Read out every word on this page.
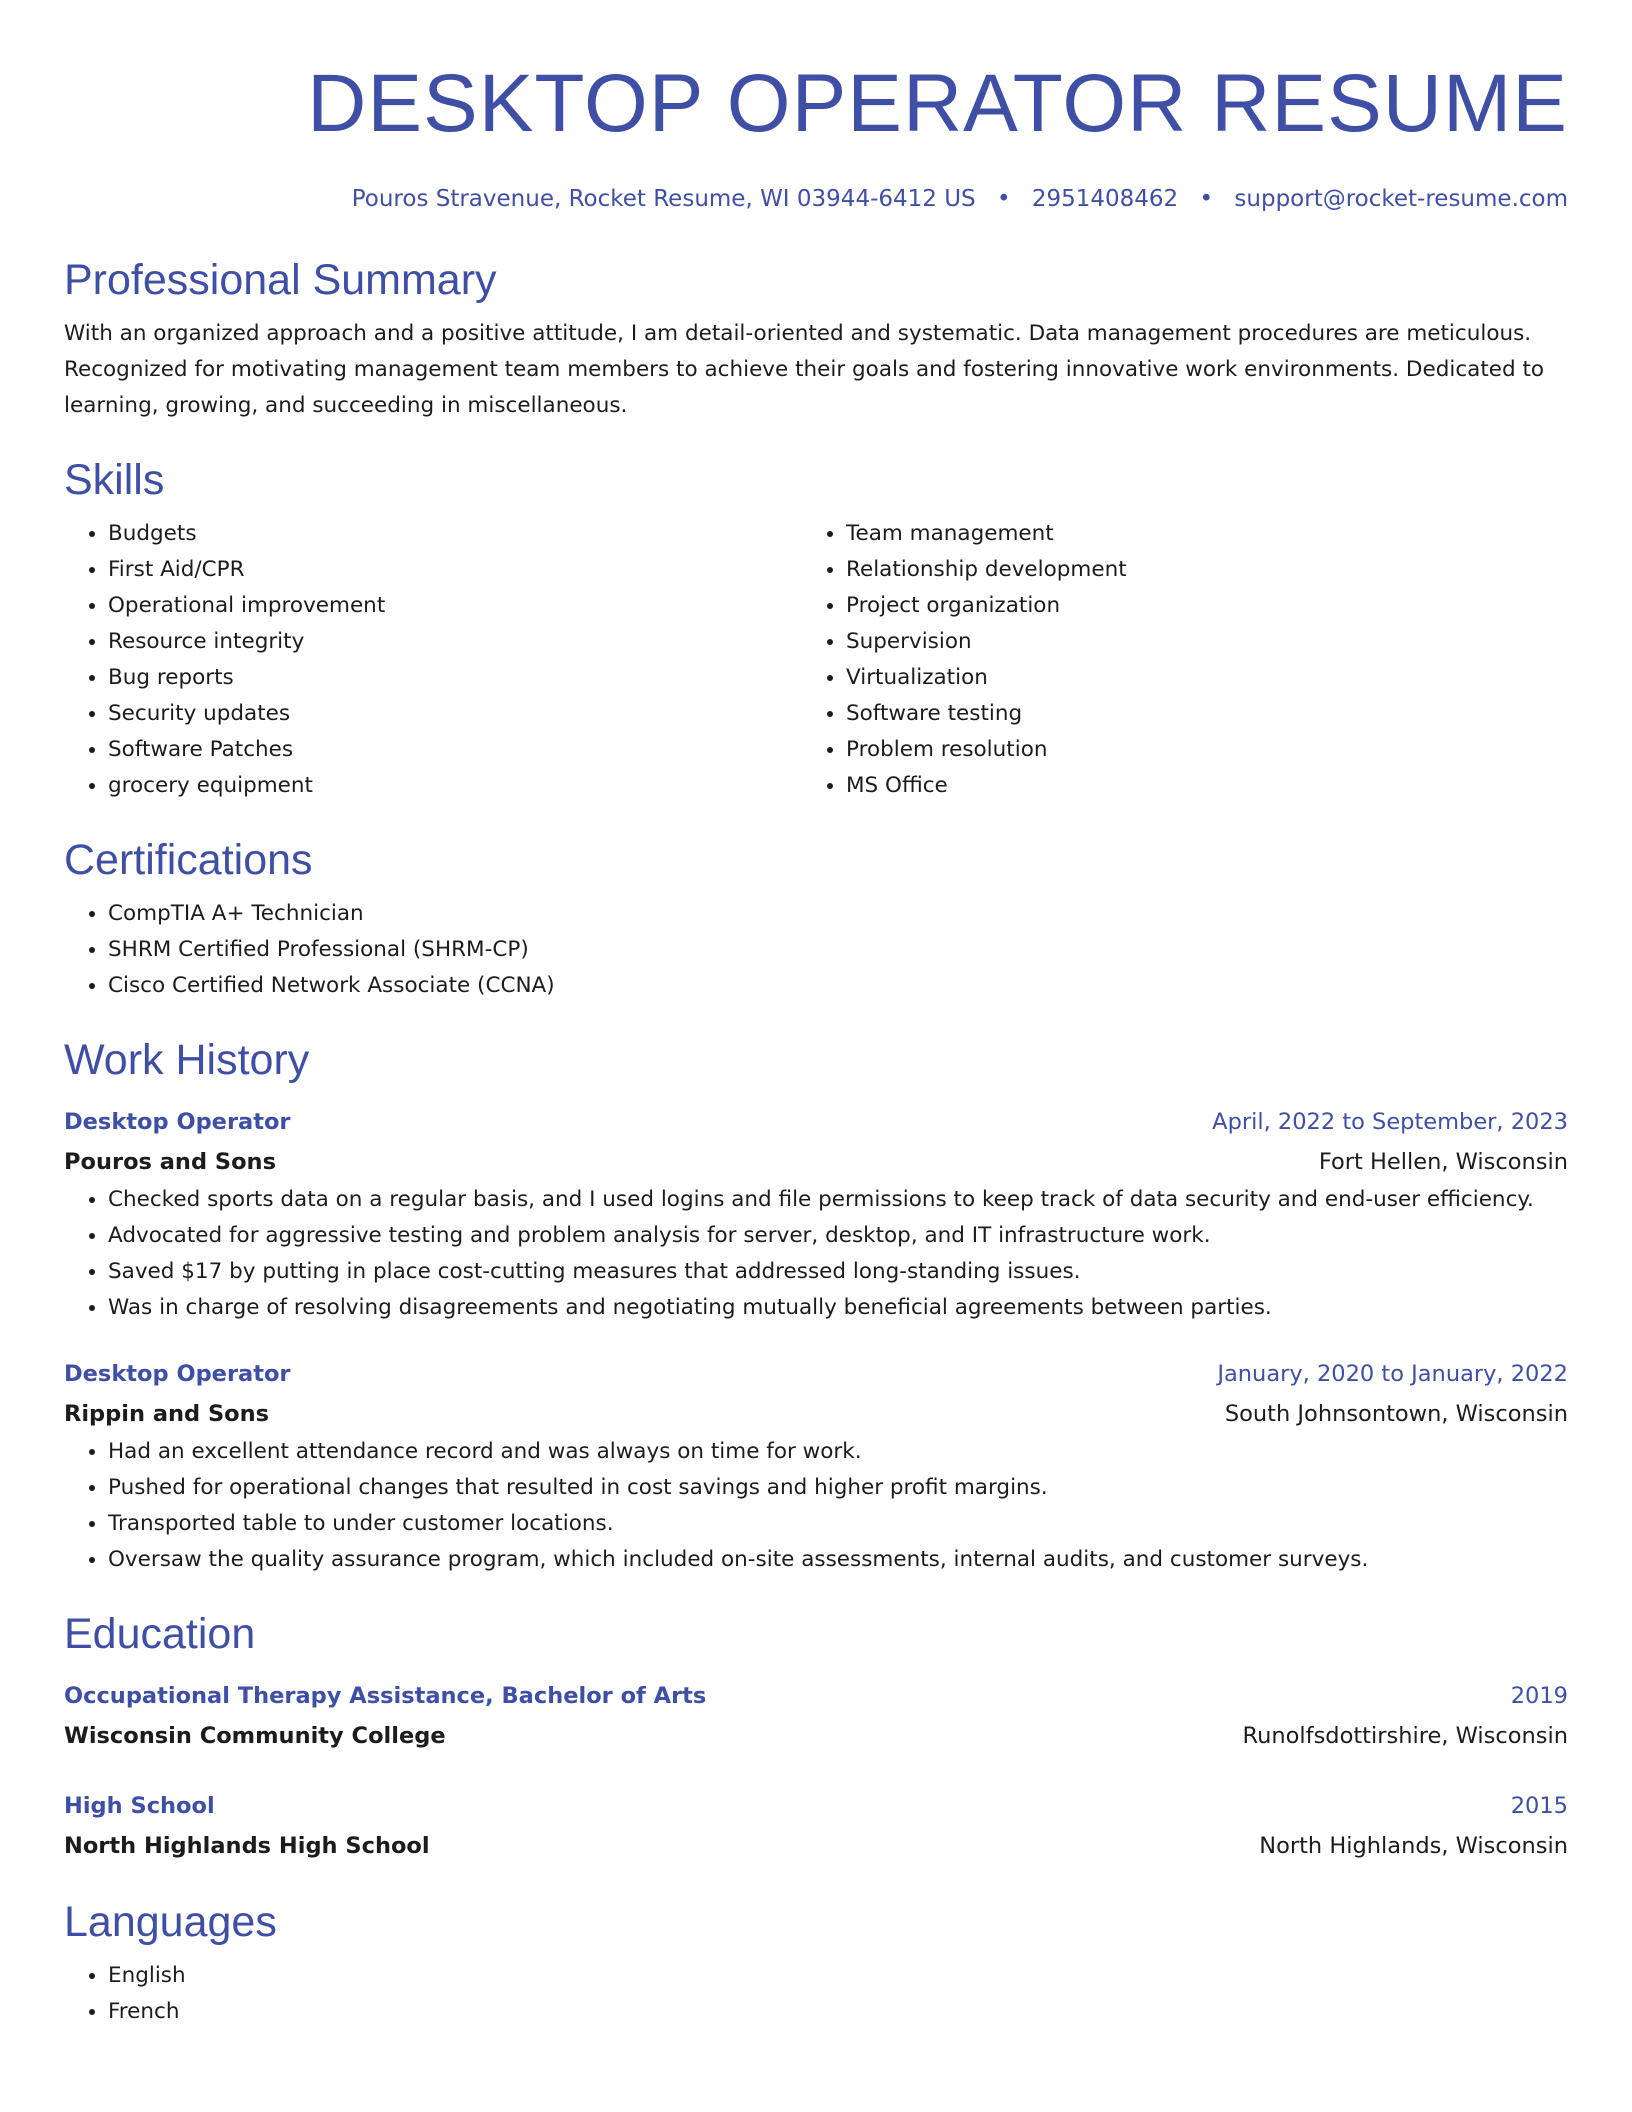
DESKTOP OPERATOR RESUME
Pouros Stravenue, Rocket Resume, WI 03944-6412 US • 2951408462 • support@rocket-resume.com
Professional Summary

With an organized approach and a positive attitude, I am detail-oriented and systematic. Data management procedures are meticulous. Recognized for motivating management team members to achieve their goals and fostering innovative work environments. Dedicated to learning, growing, and succeeding in miscellaneous.

Skills
• Budgets
• First Aid/CPR
• Operational improvement
• Resource integrity
• Bug reports
• Security updates
• Software Patches
• grocery equipment
• Team management
• Relationship development
• Project organization
• Supervision
• Virtualization
• Software testing
• Problem resolution
• MS Office
Certifications
• CompTIA A+ Technician
• SHRM Certified Professional (SHRM-CP)
• Cisco Certified Network Associate (CCNA)
Work History
Desktop Operator	April, 2022 to September, 2023
Pouros and Sons	Fort Hellen, Wisconsin
• Checked sports data on a regular basis, and I used logins and file permissions to keep track of data security and end-user efficiency.
• Advocated for aggressive testing and problem analysis for server, desktop, and IT infrastructure work.
• Saved $17 by putting in place cost-cutting measures that addressed long-standing issues.
• Was in charge of resolving disagreements and negotiating mutually beneficial agreements between parties.
Desktop Operator	January, 2020 to January, 2022
Rippin and Sons	South Johnsontown, Wisconsin
• Had an excellent attendance record and was always on time for work.
• Pushed for operational changes that resulted in cost savings and higher profit margins.
• Transported table to under customer locations.
• Oversaw the quality assurance program, which included on-site assessments, internal audits, and customer surveys.
Education
Occupational Therapy Assistance, Bachelor of Arts	2019
Wisconsin Community College	Runolfsdottirshire, Wisconsin
High School	2015
North Highlands High School	North Highlands, Wisconsin
Languages
• English
• French
